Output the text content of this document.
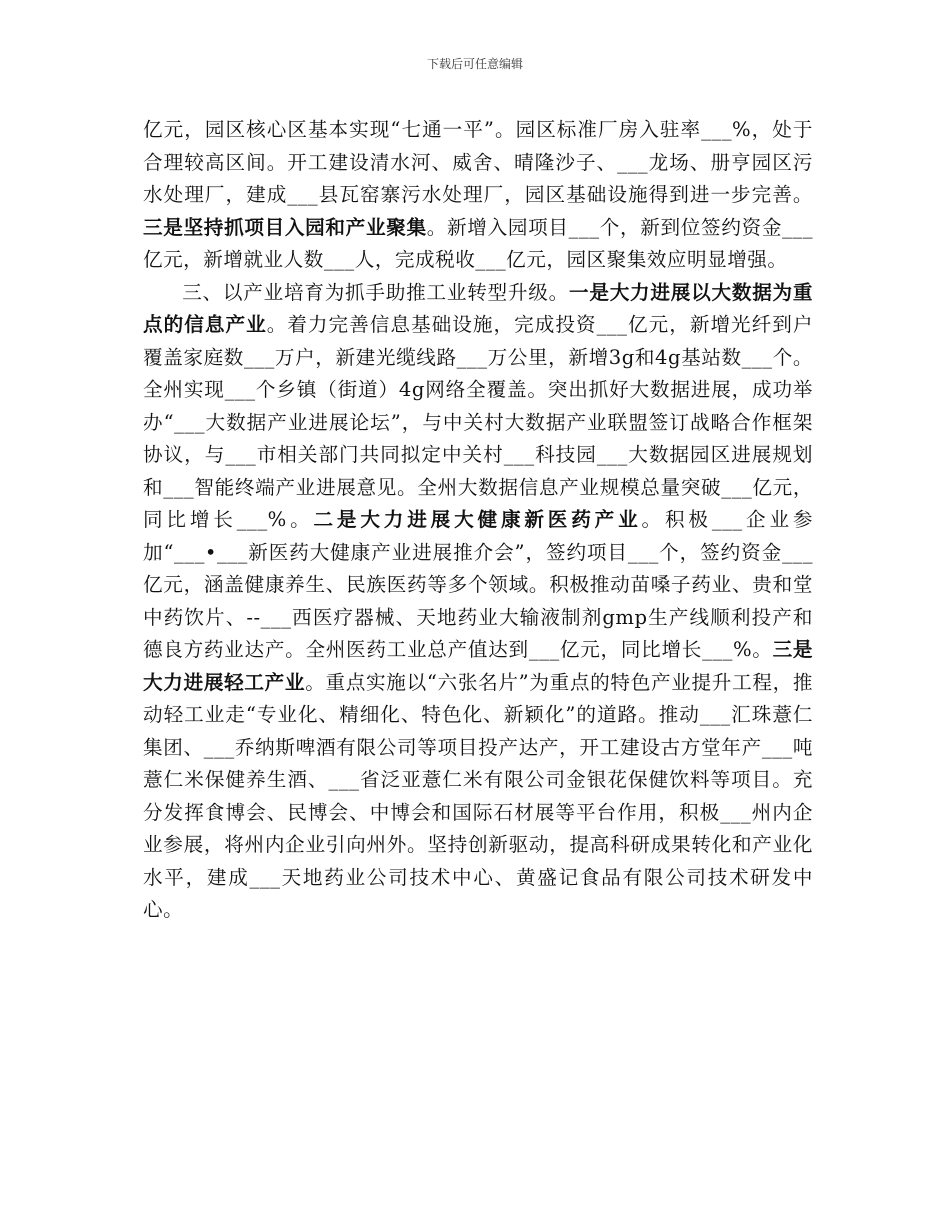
下载后可任意编辑

亿元，园区核心区基本实现“七通一平”。园区标准厂房入驻率___%，处于合理较高区间。开工建设清水河、威舍、晴隆沙子、___龙场、册亨园区污水处理厂，建成___县瓦窑寨污水处理厂，园区基础设施得到进一步完善。三是坚持抓项目入园和产业聚集。新增入园项目___个，新到位签约资金___亿元，新增就业人数___人，完成税收___亿元，园区聚集效应明显增强。

三、以产业培育为抓手助推工业转型升级。一是大力进展以大数据为重点的信息产业。着力完善信息基础设施，完成投资___亿元，新增光纤到户覆盖家庭数___万户，新建光缆线路___万公里，新增3g和4g基站数___个。全州实现___个乡镇（街道）4g网络全覆盖。突出抓好大数据进展，成功举办“___大数据产业进展论坛”，与中关村大数据产业联盟签订战略合作框架协议，与___市相关部门共同拟定中关村___科技园___大数据园区进展规划和___智能终端产业进展意见。全州大数据信息产业规模总量突破___亿元，同比增长___%。二是大力进展大健康新医药产业。积极___企业参加“___•___新医药大健康产业进展推介会”，签约项目___个，签约资金___亿元，涵盖健康养生、民族医药等多个领域。积极推动苗嗓子药业、贵和堂中药饮片、--___西医疗器械、天地药业大输液制剂gmp生产线顺利投产和德良方药业达产。全州医药工业总产值达到___亿元，同比增长___%。三是大力进展轻工产业。重点实施以“六张名片”为重点的特色产业提升工程，推动轻工业走“专业化、精细化、特色化、新颖化”的道路。推动___汇珠薏仁集团、___乔纳斯啤酒有限公司等项目投产达产，开工建设古方堂年产___吨薏仁米保健养生酒、___省泛亚薏仁米有限公司金银花保健饮料等项目。充分发挥食博会、民博会、中博会和国际石材展等平台作用，积极___州内企业参展，将州内企业引向州外。坚持创新驱动，提高科研成果转化和产业化水平，建成___天地药业公司技术中心、黄盛记食品有限公司技术研发中心。
